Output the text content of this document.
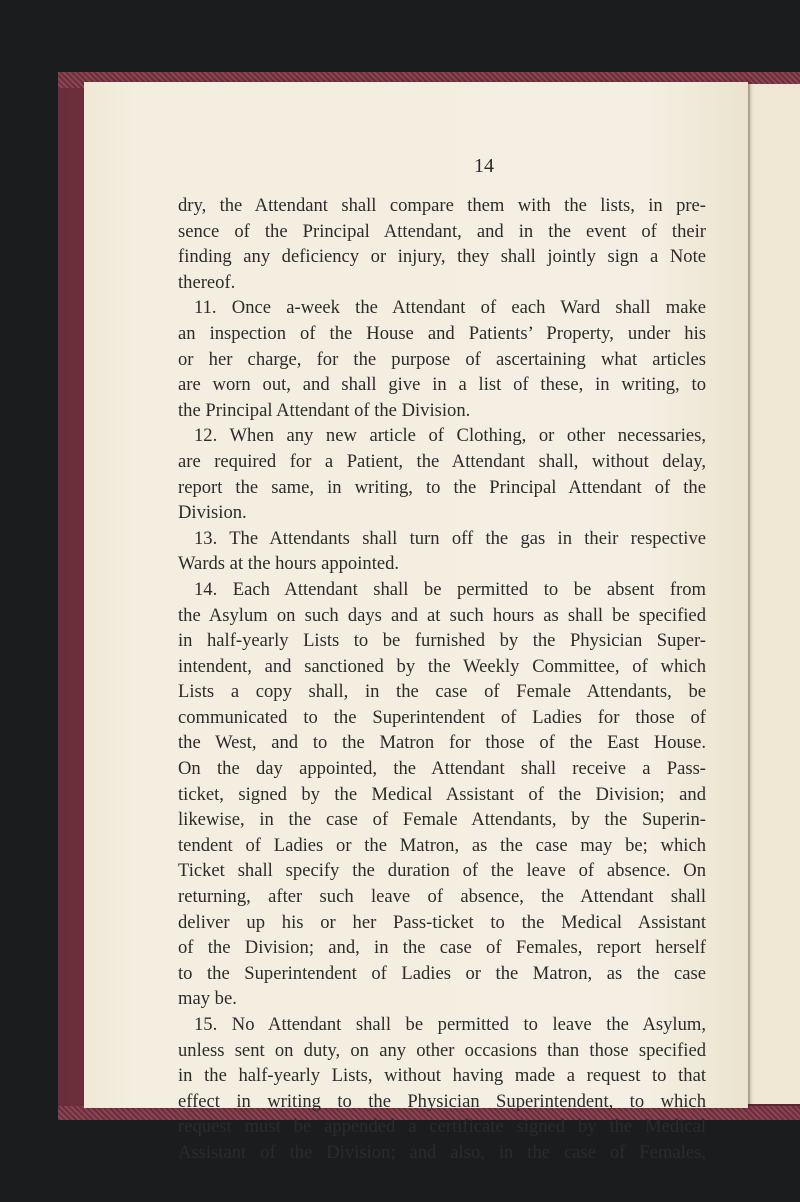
14

dry, the Attendant shall compare them with the lists, in pre-

sence of the Principal Attendant, and in the event of their

finding any deficiency or injury, they shall jointly sign a Note

thereof.

11. Once a-week the Attendant of each Ward shall make

an inspection of the House and Patients’ Property, under his

or her charge, for the purpose of ascertaining what articles

are worn out, and shall give in a list of these, in writing, to

the Principal Attendant of the Division.

12. When any new article of Clothing, or other necessaries,

are required for a Patient, the Attendant shall, without delay,

report the same, in writing, to the Principal Attendant of the

Division.

13. The Attendants shall turn off the gas in their respective

Wards at the hours appointed.

14. Each Attendant shall be permitted to be absent from

the Asylum on such days and at such hours as shall be specified

in half-yearly Lists to be furnished by the Physician Super-

intendent, and sanctioned by the Weekly Committee, of which

Lists a copy shall, in the case of Female Attendants, be

communicated to the Superintendent of Ladies for those of

the West, and to the Matron for those of the East House.

On the day appointed, the Attendant shall receive a Pass-

ticket, signed by the Medical Assistant of the Division; and

likewise, in the case of Female Attendants, by the Superin-

tendent of Ladies or the Matron, as the case may be; which

Ticket shall specify the duration of the leave of absence. On

returning, after such leave of absence, the Attendant shall

deliver up his or her Pass-ticket to the Medical Assistant

of the Division; and, in the case of Females, report herself

to the Superintendent of Ladies or the Matron, as the case

may be.

15. No Attendant shall be permitted to leave the Asylum,

unless sent on duty, on any other occasions than those specified

in the half-yearly Lists, without having made a request to that

effect in writing to the Physician Superintendent, to which

request must be appended a certificate signed by the Medical

Assistant of the Division; and also, in the case of Females,
